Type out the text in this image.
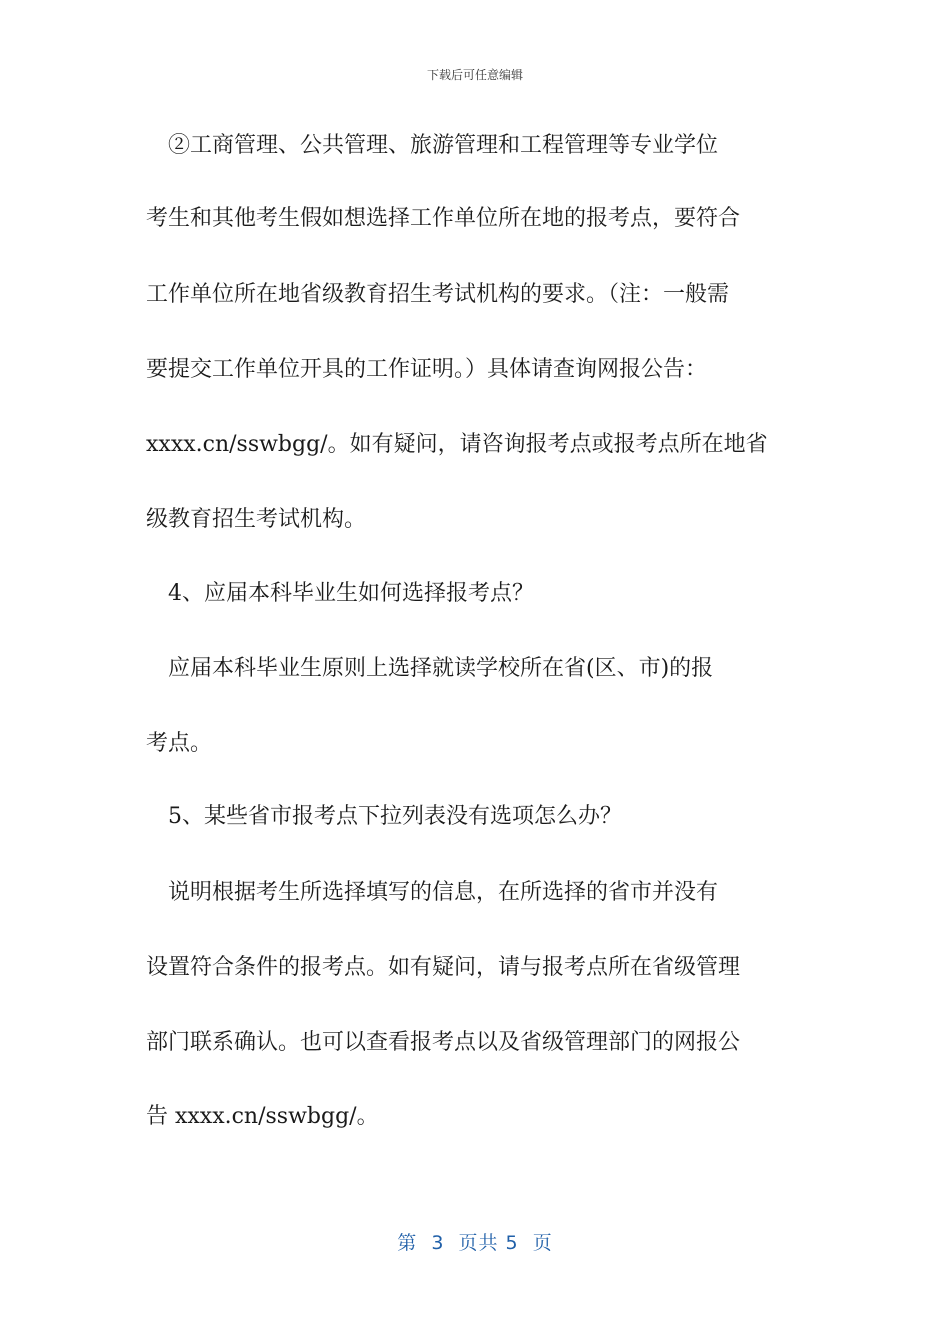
下载后可任意编辑
　②工商管理、公共管理、旅游管理和工程管理等专业学位
考生和其他考生假如想选择工作单位所在地的报考点，要符合
工作单位所在地省级教育招生考试机构的要求。（注：一般需
要提交工作单位开具的工作证明。）具体请查询网报公告：
xxxx.cn/sswbgg/。如有疑问，请咨询报考点或报考点所在地省
级教育招生考试机构。
　4、应届本科毕业生如何选择报考点？
　应届本科毕业生原则上选择就读学校所在省(区、市)的报
考点。
　5、某些省市报考点下拉列表没有选项怎么办？
　说明根据考生所选择填写的信息，在所选择的省市并没有
设置符合条件的报考点。如有疑问，请与报考点所在省级管理
部门联系确认。也可以查看报考点以及省级管理部门的网报公
告 xxxx.cn/sswbgg/。
第  3  页共 5  页
